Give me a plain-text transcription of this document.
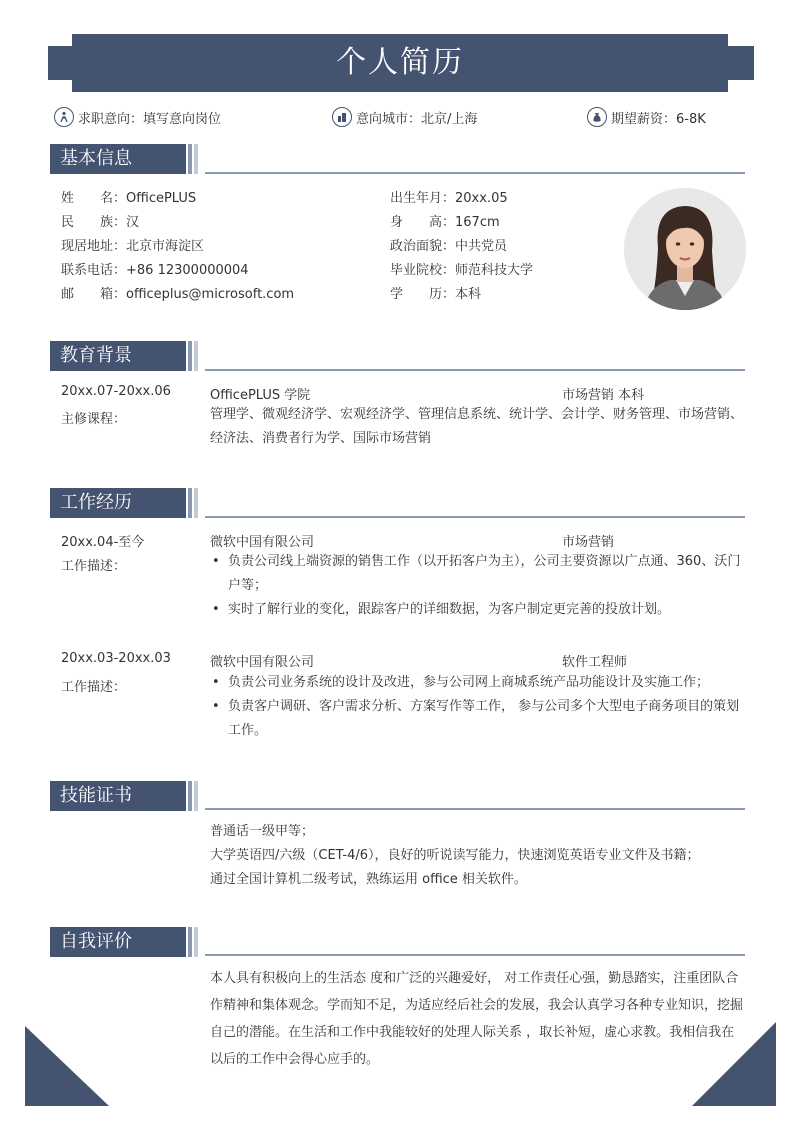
个人简历
求职意向：填写意向岗位	意向城市：北京/上海	期望薪资：6-8K
基本信息
姓　　名：OfficePLUS
民　　族：汉
现居地址：北京市海淀区
联系电话：+86 12300000004
邮　　箱：officeplus@microsoft.com
出生年月：20xx.05
身　　高：167cm
政治面貌：中共党员
毕业院校：师范科技大学
学　　历：本科
教育背景
20xx.07-20xx.06	OfficePLUS 学院	市场营销 本科
主修课程：	管理学、微观经济学、宏观经济学、管理信息系统、统计学、会计学、财务管理、市场营销、经济法、消费者行为学、国际市场营销
工作经历
20xx.04-至今	微软中国有限公司	市场营销
工作描述：	• 负责公司线上端资源的销售工作（以开拓客户为主），公司主要资源以广点通、360、沃门户等；
• 实时了解行业的变化，跟踪客户的详细数据，为客户制定更完善的投放计划。
20xx.03-20xx.03	微软中国有限公司	软件工程师
工作描述：	• 负责公司业务系统的设计及改进，参与公司网上商城系统产品功能设计及实施工作；
• 负责客户调研、客户需求分析、方案写作等工作， 参与公司多个大型电子商务项目的策划工作。
技能证书
普通话一级甲等；
大学英语四/六级（CET-4/6），良好的听说读写能力，快速浏览英语专业文件及书籍；
通过全国计算机二级考试，熟练运用 office 相关软件。
自我评价
本人具有积极向上的生活态 度和广泛的兴趣爱好， 对工作责任心强，勤恳踏实，注重团队合作精神和集体观念。学而知不足，为适应经后社会的发展，我会认真学习各种专业知识，挖掘自己的潜能。在生活和工作中我能较好的处理人际关系 ，取长补短，虚心求教。我相信我在以后的工作中会得心应手的。
